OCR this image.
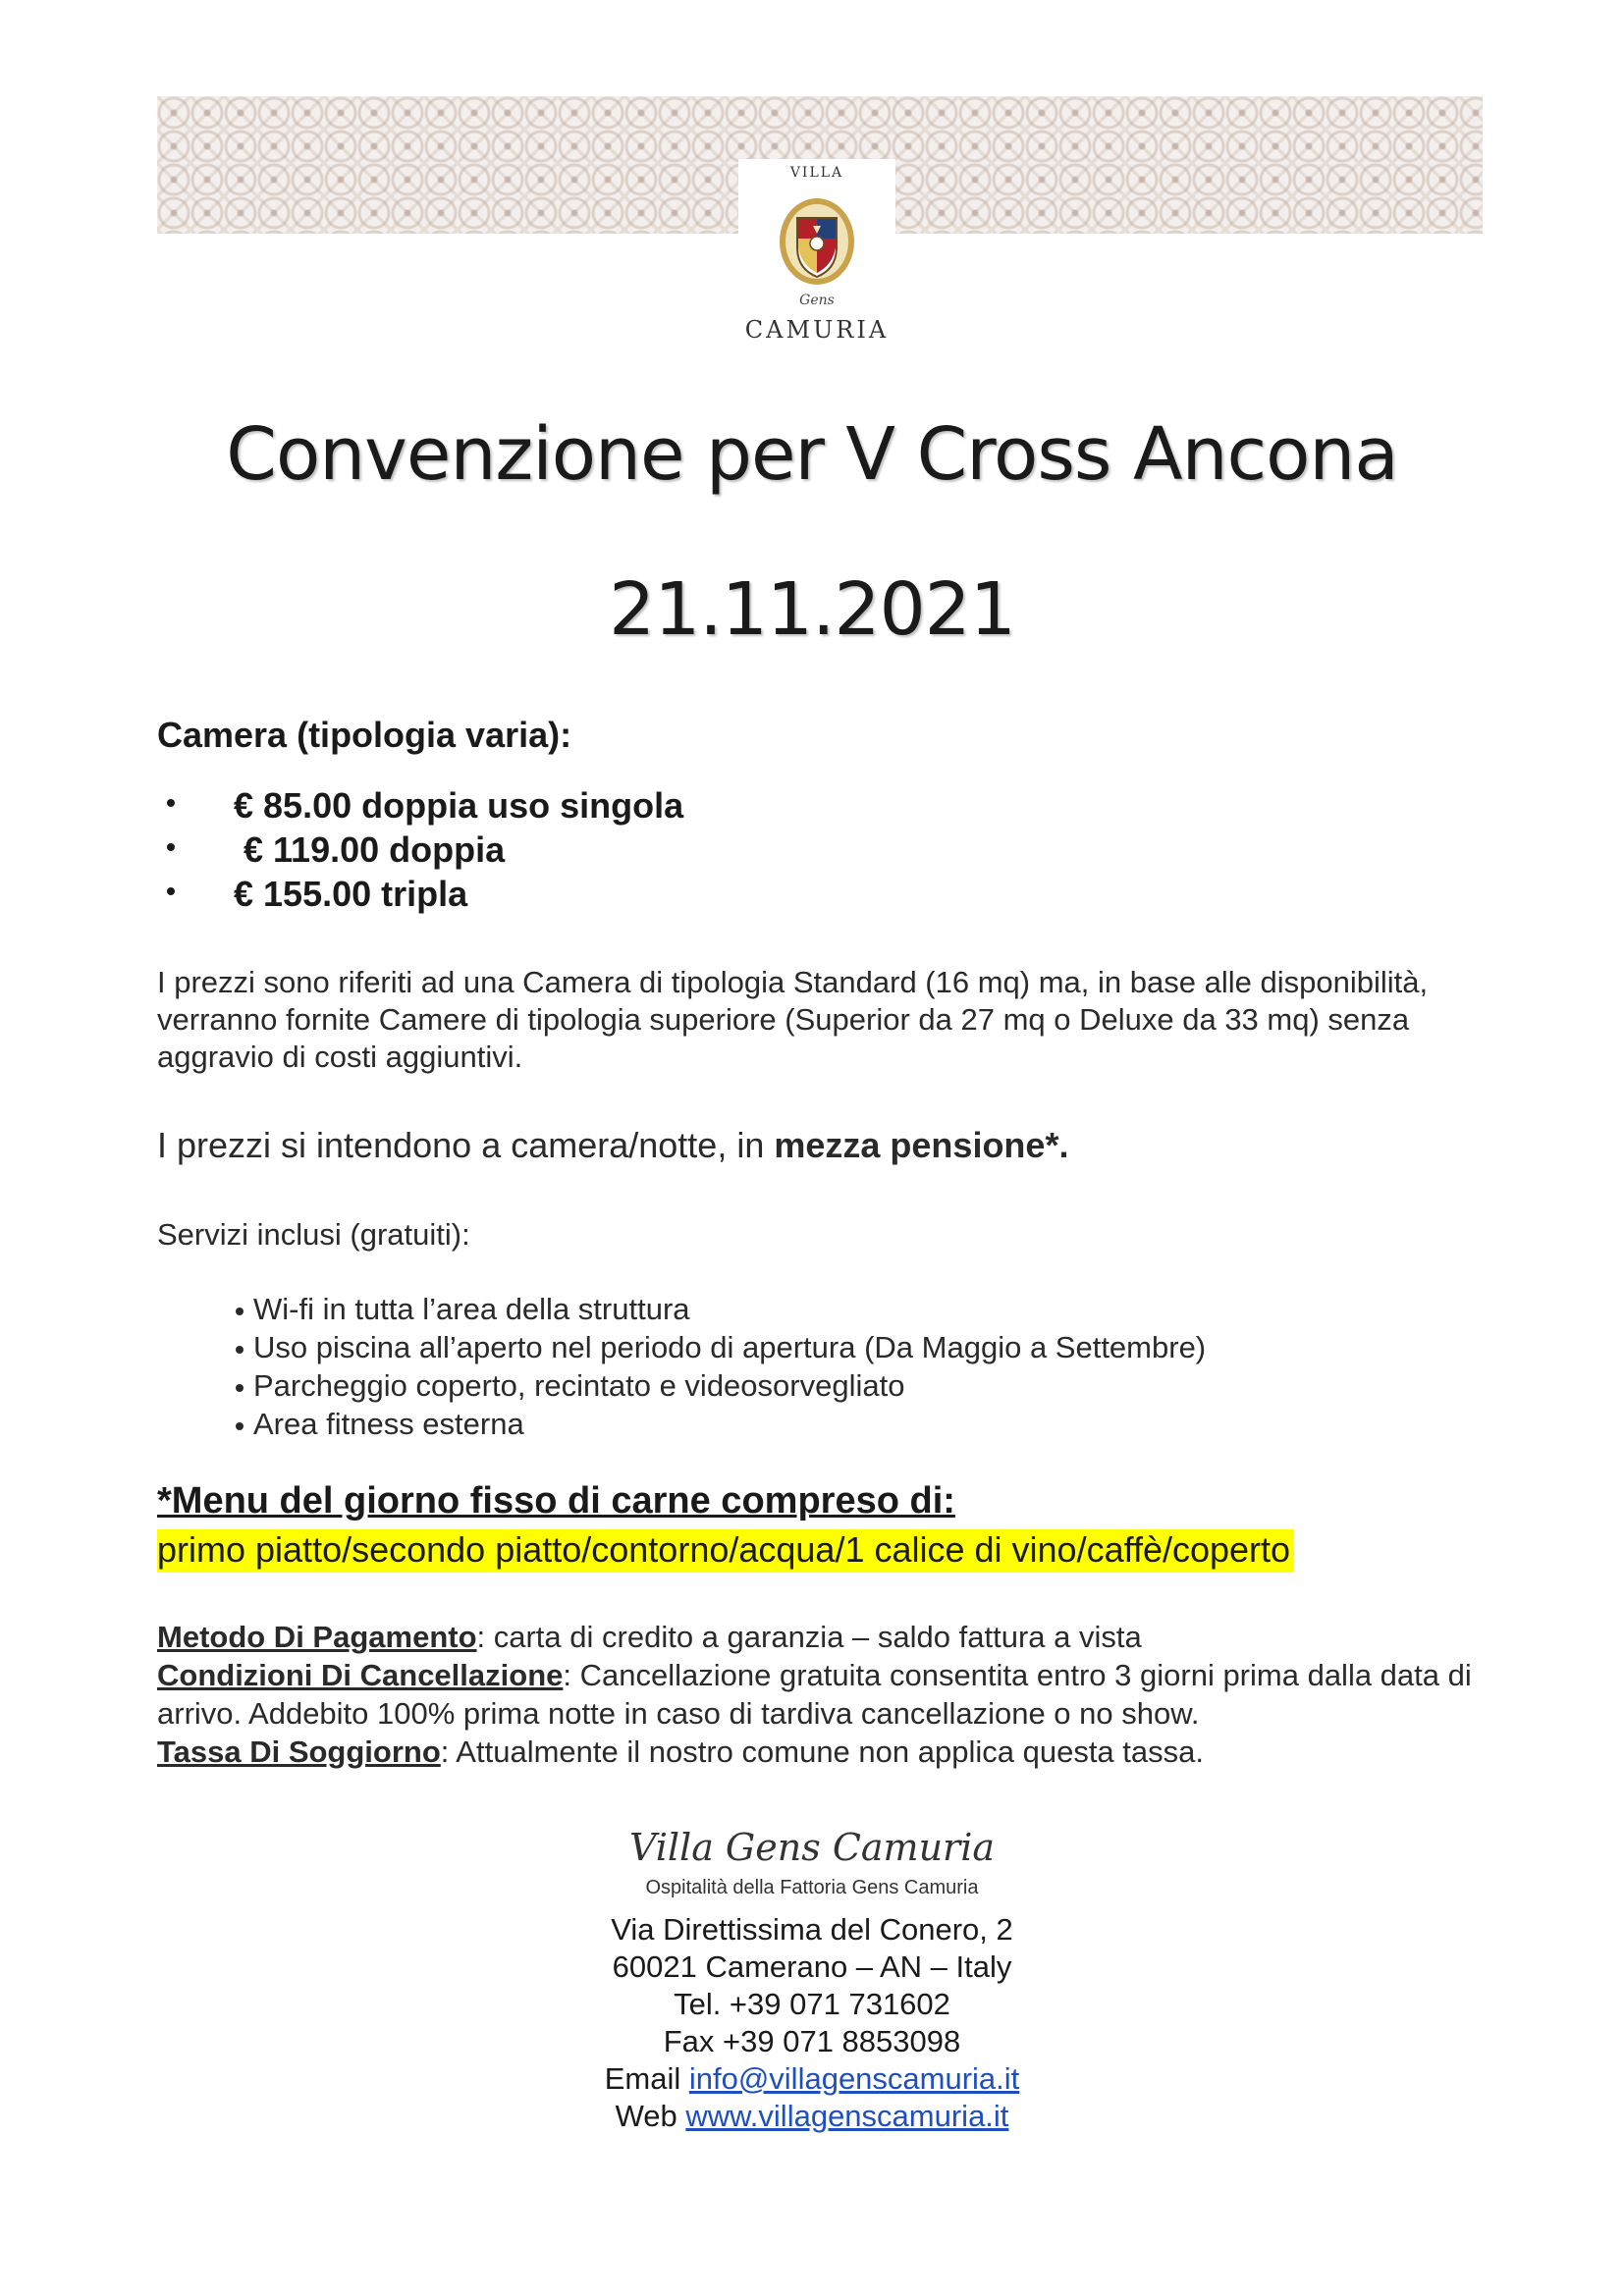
VILLA
Gens
CAMURIA
Convenzione per V Cross Ancona
21.11.2021
Camera (tipologia varia):
€ 85.00 doppia uso singola
€ 119.00 doppia
€ 155.00 tripla
I prezzi sono riferiti ad una Camera di tipologia Standard (16 mq) ma, in base alle disponibilità, verranno fornite Camere di tipologia superiore (Superior da 27 mq o Deluxe da 33 mq) senza aggravio di costi aggiuntivi.
I prezzi si intendono a camera/notte, in mezza pensione*.
Servizi inclusi (gratuiti):
Wi-fi in tutta l’area della struttura
Uso piscina all’aperto nel periodo di apertura (Da Maggio a Settembre)
Parcheggio coperto, recintato e videosorvegliato
Area fitness esterna
*Menu del giorno fisso di carne compreso di:
primo piatto/secondo piatto/contorno/acqua/1 calice di vino/caffè/coperto
Metodo Di Pagamento: carta di credito a garanzia – saldo fattura a vista
Condizioni Di Cancellazione: Cancellazione gratuita consentita entro 3 giorni prima dalla data di arrivo. Addebito 100% prima notte in caso di tardiva cancellazione o no show.
Tassa Di Soggiorno: Attualmente il nostro comune non applica questa tassa.
Villa Gens Camuria
Ospitalità della Fattoria Gens Camuria
Via Direttissima del Conero, 2
60021 Camerano – AN – Italy
Tel. +39 071 731602
Fax +39 071 8853098
Email info@villagenscamuria.it
Web www.villagenscamuria.it
